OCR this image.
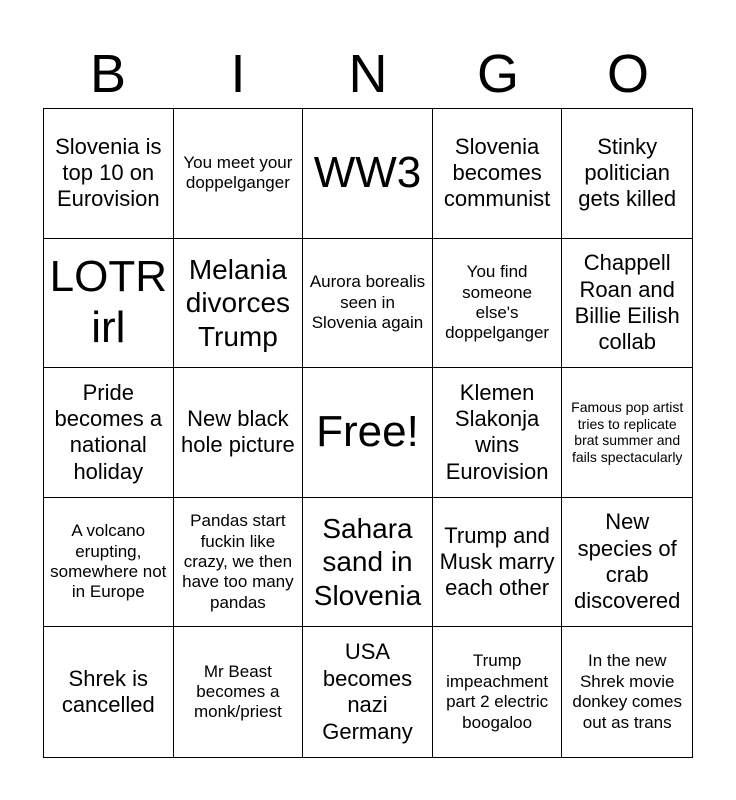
B	I	N	G	O
Slovenia is top 10 on Eurovision
You meet your doppelganger WW3
Slovenia becomes communist
Stinky politician gets killed
LOTR irl
Melania divorces Trump
Aurora borealis seen in Slovenia again
You find someone else's doppelganger
Chappell Roan and Billie Eilish collab
Pride becomes a national holiday
New black hole picture Free!
Klemen Slakonja wins Eurovision
Famous pop artist tries to replicate brat summer and fails spectacularly
A volcano erupting, somewhere not in Europe
Pandas start fuckin like crazy, we then have too many pandas
Sahara sand in Slovenia
Trump and Musk marry each other
New species of crab discovered
Shrek is cancelled
Mr Beast becomes a monk/priest
USA becomes nazi Germany
Trump impeachment part 2 electric boogaloo
In the new Shrek movie donkey comes out as trans
